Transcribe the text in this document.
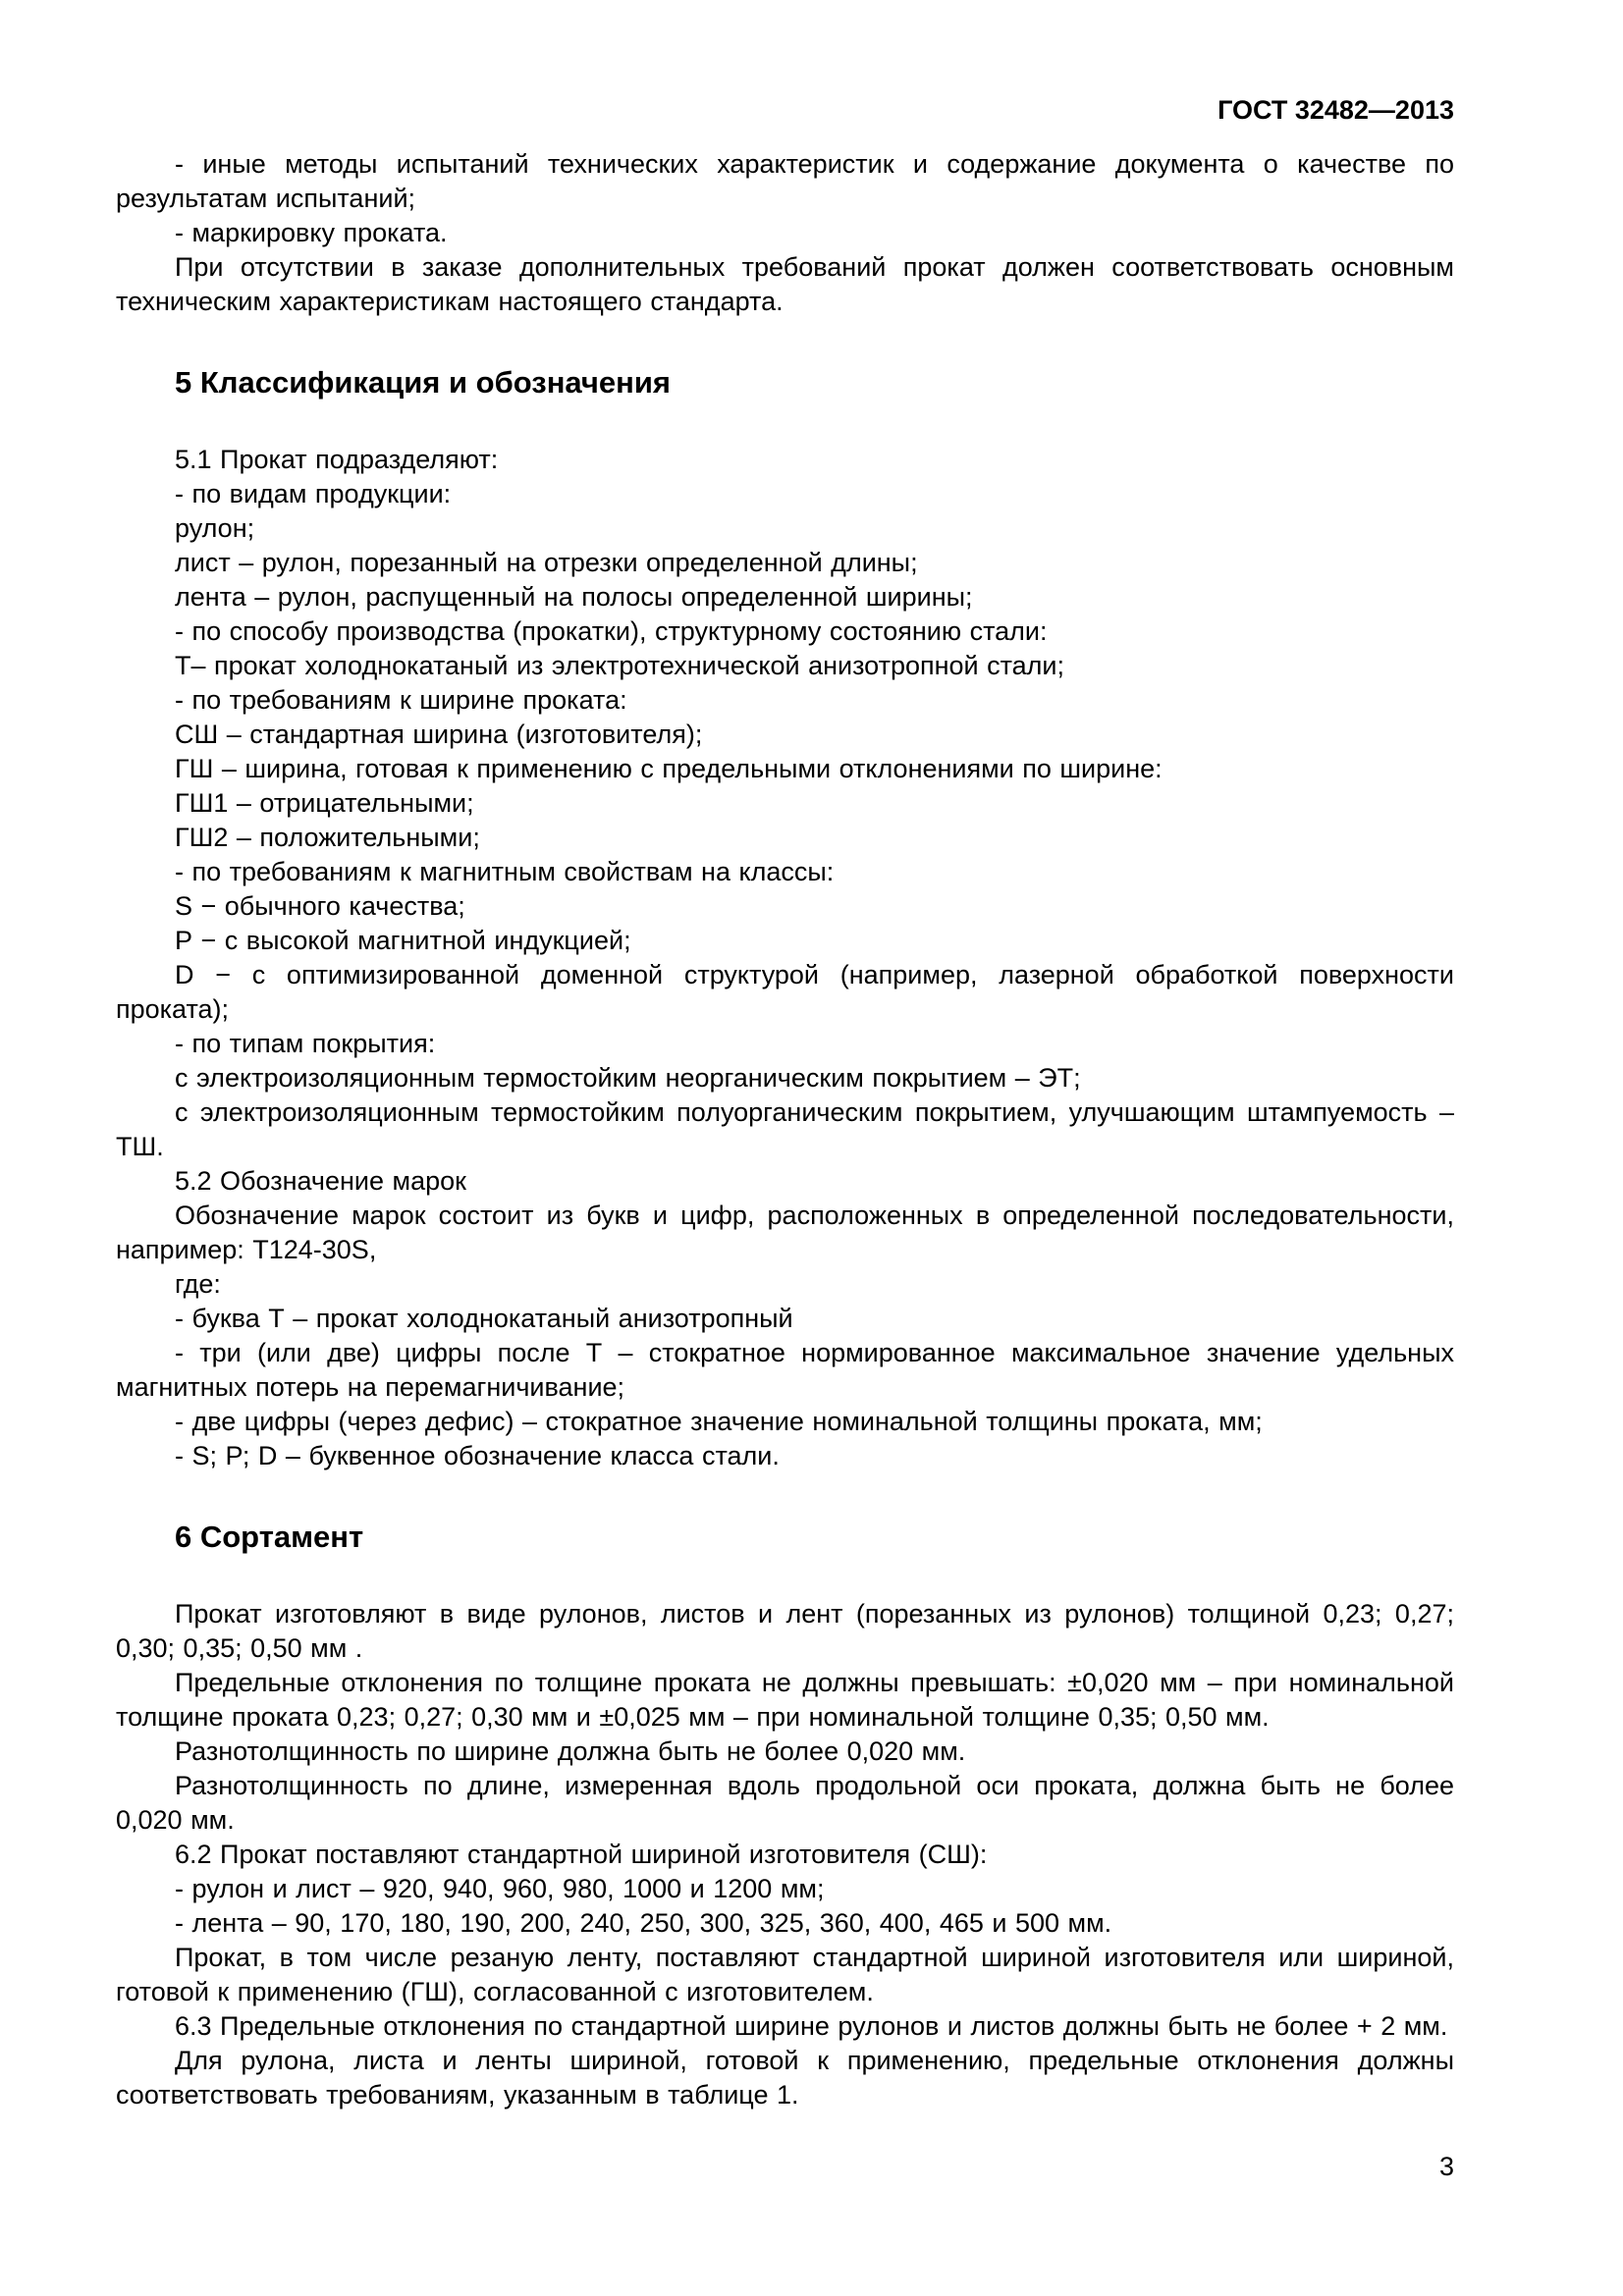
ГОСТ 32482—2013

- иные методы испытаний технических характеристик и содержание документа о качестве по результатам испытаний;

- маркировку проката.

При отсутствии в заказе дополнительных требований прокат должен соответствовать основным техническим характеристикам настоящего стандарта.

5 Классификация и обозначения

5.1 Прокат подразделяют:

- по видам продукции:

рулон;

лист – рулон, порезанный на отрезки определенной длины;

лента – рулон, распущенный на полосы определенной ширины;

- по способу производства (прокатки), структурному состоянию стали:

Т– прокат холоднокатаный из электротехнической анизотропной стали;

- по требованиям к ширине проката:

СШ – стандартная ширина (изготовителя);

ГШ – ширина, готовая к применению с предельными отклонениями по ширине:

ГШ1 – отрицательными;

ГШ2 – положительными;

- по требованиям к магнитным свойствам на классы:

S − обычного качества;

Р − с высокой магнитной индукцией;

D − с оптимизированной доменной структурой (например, лазерной обработкой поверхности проката);

- по типам покрытия:

с электроизоляционным термостойким неорганическим покрытием – ЭТ;

с электроизоляционным термостойким полуорганическим покрытием, улучшающим штампуемость – ТШ.

5.2 Обозначение марок

Обозначение марок состоит из букв и цифр, расположенных в определенной последовательности, например: Т124-30S,

где:

- буква Т – прокат холоднокатаный анизотропный

- три (или две) цифры после Т – стократное нормированное максимальное значение удельных магнитных потерь на перемагничивание;

- две цифры (через дефис) – стократное значение номинальной толщины проката, мм;

- S; Р; D – буквенное обозначение класса стали.

6 Сортамент

Прокат изготовляют в виде рулонов, листов и лент (порезанных из рулонов) толщиной 0,23; 0,27; 0,30; 0,35; 0,50 мм .

Предельные отклонения по толщине проката не должны превышать: ±0,020 мм – при номинальной толщине проката 0,23; 0,27; 0,30 мм и ±0,025 мм – при номинальной толщине 0,35; 0,50 мм.

Разнотолщинность по ширине должна быть не более 0,020 мм.

Разнотолщинность по длине, измеренная вдоль продольной оси проката, должна быть не более 0,020 мм.

6.2 Прокат поставляют стандартной шириной изготовителя (СШ):

- рулон и лист – 920, 940, 960, 980, 1000 и 1200 мм;

- лента – 90, 170, 180, 190, 200, 240, 250, 300, 325, 360, 400, 465 и 500 мм.

Прокат, в том числе резаную ленту, поставляют стандартной шириной изготовителя или шириной, готовой к применению (ГШ), согласованной с изготовителем.

6.3 Предельные отклонения по стандартной ширине рулонов и листов должны быть не более + 2 мм.

Для рулона, листа и ленты шириной, готовой к применению, предельные отклонения должны соответствовать требованиям, указанным в таблице 1.

3
